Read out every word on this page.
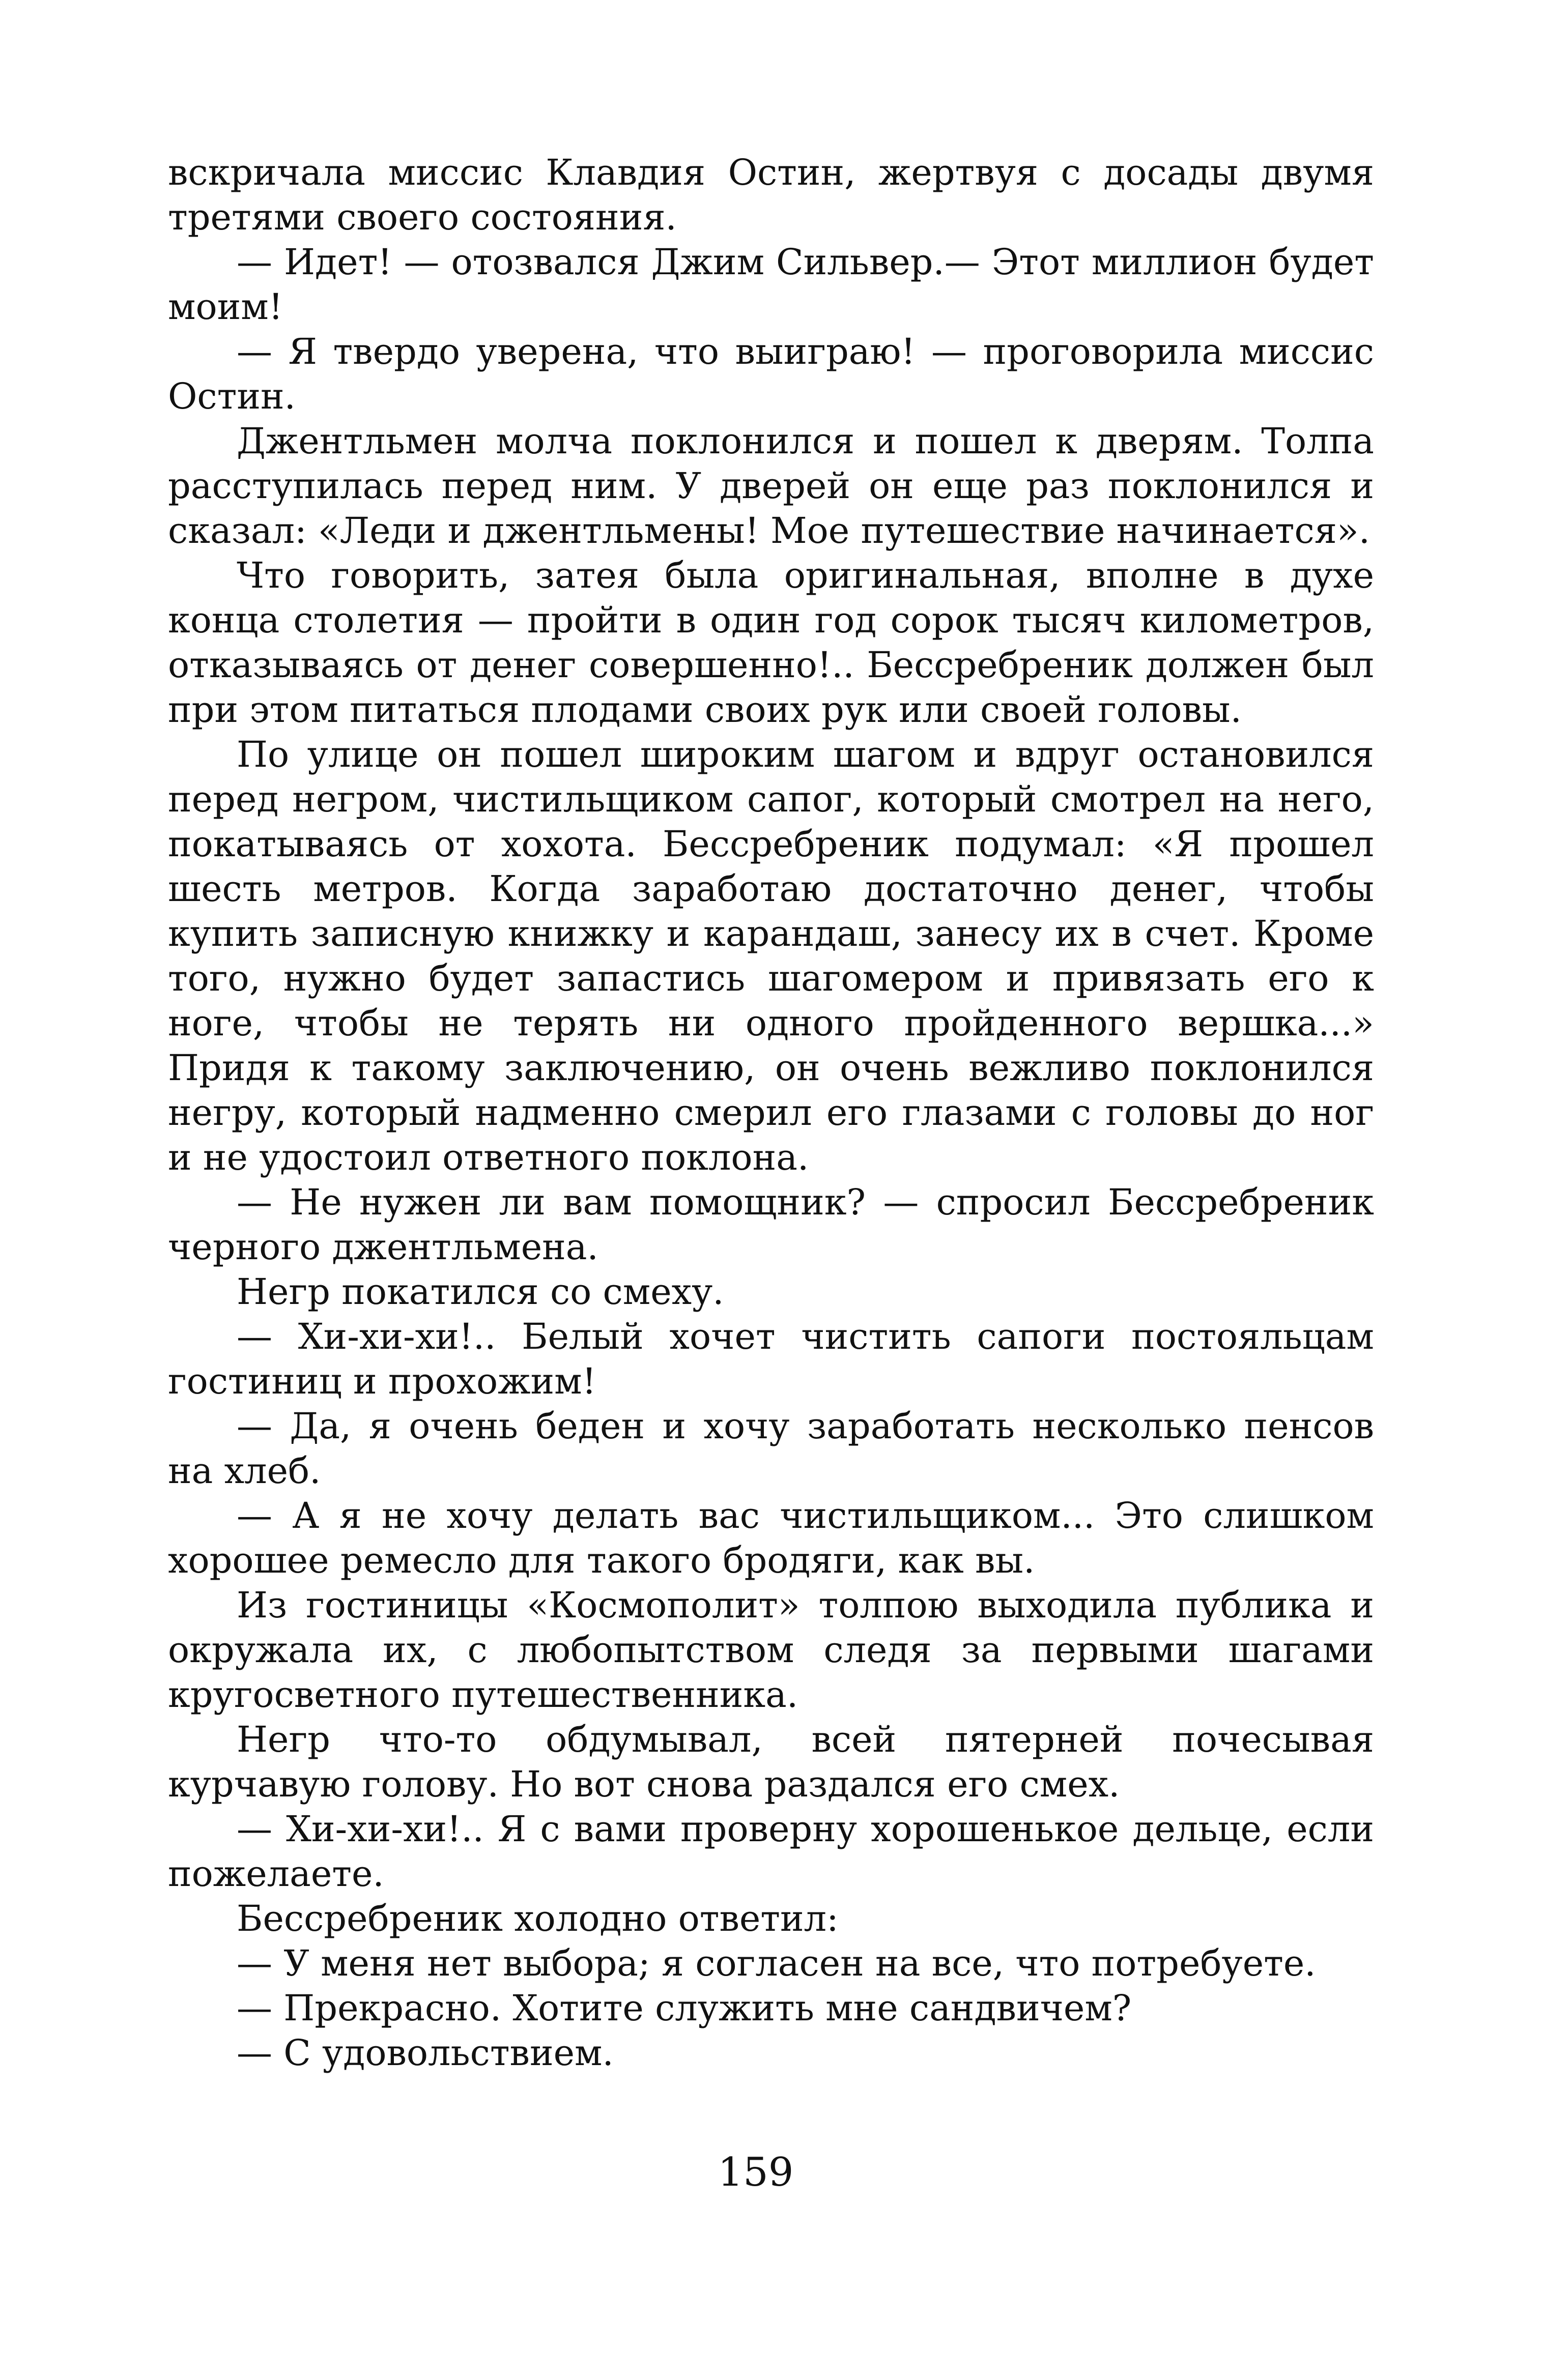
вскричала миссис Клавдия Остин, жертвуя с досады двумя третями своего состояния.

— Идет! — отозвался Джим Сильвер.— Этот миллион будет моим!

— Я твердо уверена, что выиграю! — проговорила миссис Остин.

Джентльмен молча поклонился и пошел к дверям. Толпа расступилась перед ним. У дверей он еще раз поклонился и сказал: «Леди и джентльмены! Мое путешествие начинается».

Что говорить, затея была оригинальная, вполне в духе конца столетия — пройти в один год сорок тысяч километров, отказываясь от денег совершенно!.. Бессребреник должен был при этом питаться плодами своих рук или своей головы.

По улице он пошел широким шагом и вдруг остановился перед негром, чистильщиком сапог, который смотрел на него, покатываясь от хохота. Бессребреник подумал: «Я прошел шесть метров. Когда заработаю достаточно денег, чтобы купить записную книжку и карандаш, занесу их в счет. Кроме того, нужно будет запастись шагомером и привязать его к ноге, чтобы не терять ни одного пройденного вершка...» Придя к такому заключению, он очень вежливо поклонился негру, который надменно смерил его глазами с головы до ног и не удостоил ответного поклона.

— Не нужен ли вам помощник? — спросил Бессребреник черного джентльмена.

Негр покатился со смеху.

— Хи-хи-хи!.. Белый хочет чистить сапоги постояльцам гостиниц и прохожим!

— Да, я очень беден и хочу заработать несколько пенсов на хлеб.

— А я не хочу делать вас чистильщиком... Это слишком хорошее ремесло для такого бродяги, как вы.

Из гостиницы «Космополит» толпою выходила публика и окружала их, с любопытством следя за первыми шагами кругосветного путешественника.

Негр что-то обдумывал, всей пятерней почесывая курчавую голову. Но вот снова раздался его смех.

— Хи-хи-хи!.. Я с вами проверну хорошенькое дельце, если пожелаете.

Бессребреник холодно ответил:

— У меня нет выбора; я согласен на все, что потребуете.

— Прекрасно. Хотите служить мне сандвичем?

— С удовольствием.

159
